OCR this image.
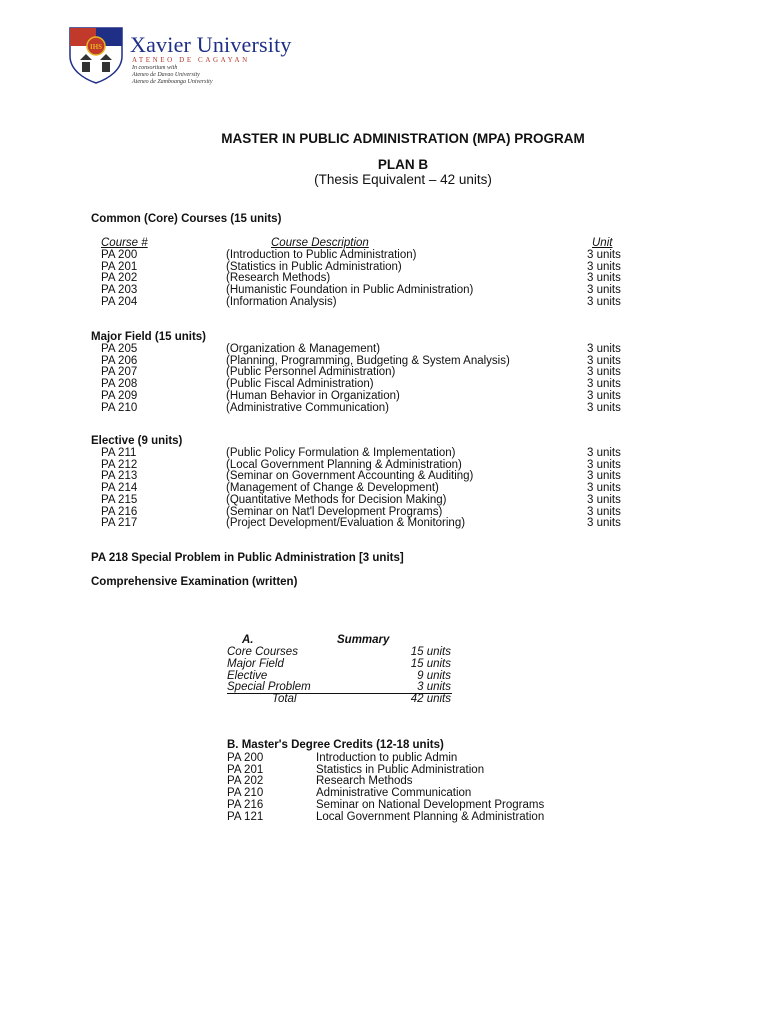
IHS Xavier University
ATENEO DE CAGAYAN
In consortium with
Ateneo de Davao University
Ateneo de Zamboanga University
MASTER IN PUBLIC ADMINISTRATION (MPA) PROGRAM
PLAN B
(Thesis Equivalent – 42 units)
Common (Core) Courses (15 units)
Course #	Course Description	Unit
PA 200	(Introduction to Public Administration)	3 units
PA 201	(Statistics in Public Administration)	3 units
PA 202	(Research Methods)	3 units
PA 203	(Humanistic Foundation in Public Administration)	3 units
PA 204	(Information Analysis)	3 units
Major Field (15 units)
PA 205	(Organization & Management)	3 units
PA 206	(Planning, Programming, Budgeting & System Analysis)	3 units
PA 207	(Public Personnel Administration)	3 units
PA 208	(Public Fiscal Administration)	3 units
PA 209	(Human Behavior in Organization)	3 units
PA 210	(Administrative Communication)	3 units
Elective (9 units)
PA 211	(Public Policy Formulation & Implementation)	3 units
PA 212	(Local Government Planning & Administration)	3 units
PA 213	(Seminar on Government Accounting & Auditing)	3 units
PA 214	(Management of Change & Development)	3 units
PA 215	(Quantitative Methods for Decision Making)	3 units
PA 216	(Seminar on Nat'l Development Programs)	3 units
PA 217	(Project Development/Evaluation & Monitoring)	3 units
PA 218 Special Problem in Public Administration [3 units]
Comprehensive Examination (written)
A.	Summary
Core Courses	15 units
Major Field	15 units
Elective	9 units
Special Problem	3 units
Total	42 units
B. Master's Degree Credits (12-18 units)
PA 200	Introduction to public Admin
PA 201	Statistics in Public Administration
PA 202	Research Methods
PA 210	Administrative Communication
PA 216	Seminar on National Development Programs
PA 121	Local Government Planning & Administration
